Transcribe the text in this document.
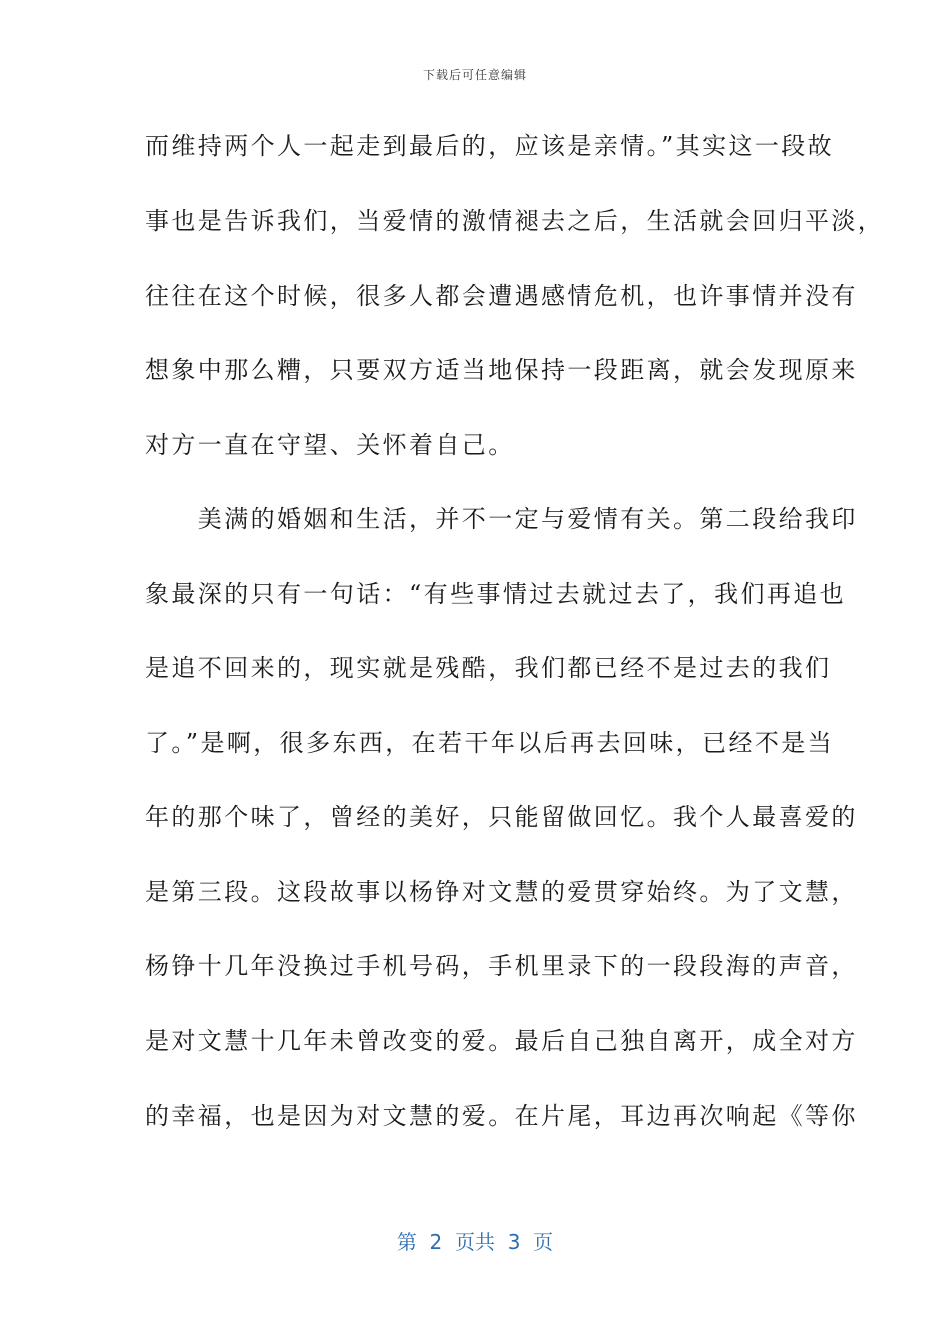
下载后可任意编辑
而维持两个人一起走到最后的，应该是亲情。”其实这一段故
事也是告诉我们，当爱情的激情褪去之后，生活就会回归平淡，
往往在这个时候，很多人都会遭遇感情危机，也许事情并没有
想象中那么糟，只要双方适当地保持一段距离，就会发现原来
对方一直在守望、关怀着自己。
　　美满的婚姻和生活，并不一定与爱情有关。第二段给我印
象最深的只有一句话：“有些事情过去就过去了，我们再追也
是追不回来的，现实就是残酷，我们都已经不是过去的我们
了。”是啊，很多东西，在若干年以后再去回味，已经不是当
年的那个味了，曾经的美好，只能留做回忆。我个人最喜爱的
是第三段。这段故事以杨铮对文慧的爱贯穿始终。为了文慧，
杨铮十几年没换过手机号码，手机里录下的一段段海的声音，
是对文慧十几年未曾改变的爱。最后自己独自离开，成全对方
的幸福，也是因为对文慧的爱。在片尾，耳边再次响起《等你
第  2  页共  3  页
